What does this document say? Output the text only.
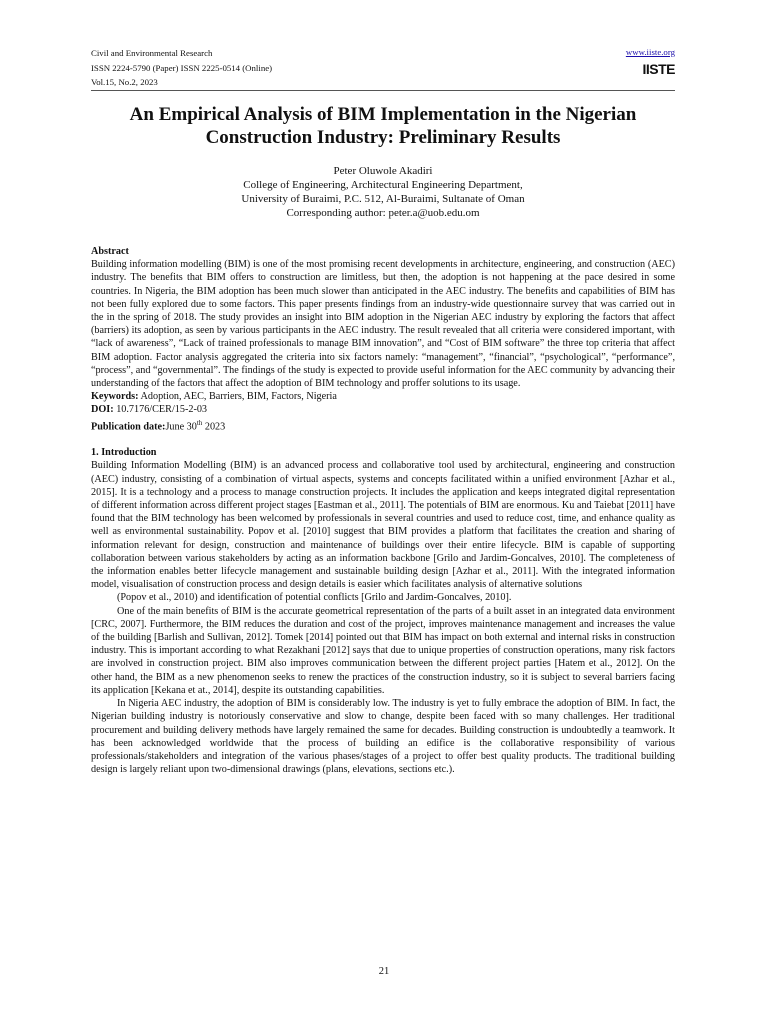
Civil and Environmental Research
ISSN 2224-5790 (Paper) ISSN 2225-0514 (Online)
Vol.15, No.2, 2023
www.iiste.org
IISTE
An Empirical Analysis of BIM Implementation in the Nigerian Construction Industry: Preliminary Results
Peter Oluwole Akadiri
College of Engineering, Architectural Engineering Department,
University of Buraimi, P.C. 512, Al-Buraimi, Sultanate of Oman
Corresponding author: peter.a@uob.edu.om

Abstract

Building information modelling (BIM) is one of the most promising recent developments in architecture, engineering, and construction (AEC) industry. The benefits that BIM offers to construction are limitless, but then, the adoption is not happening at the pace desired in some countries. In Nigeria, the BIM adoption has been much slower than anticipated in the AEC industry. The benefits and capabilities of BIM has not been fully explored due to some factors. This paper presents findings from an industry-wide questionnaire survey that was carried out in the in the spring of 2018. The study provides an insight into BIM adoption in the Nigerian AEC industry by exploring the factors that affect (barriers) its adoption, as seen by various participants in the AEC industry. The result revealed that all criteria were considered important, with “lack of awareness”, “Lack of trained professionals to manage BIM innovation”, and “Cost of BIM software” the three top criteria that affect BIM adoption. Factor analysis aggregated the criteria into six factors namely: “management”, “financial”, “psychological”, “performance”, “process”, and “governmental”. The findings of the study is expected to provide useful information for the AEC community by advancing their understanding of the factors that affect the adoption of BIM technology and proffer solutions to its usage.

Keywords: Adoption, AEC, Barriers, BIM, Factors, Nigeria

DOI: 10.7176/CER/15-2-03

Publication date:June 30th 2023

1. Introduction

Building Information Modelling (BIM) is an advanced process and collaborative tool used by architectural, engineering and construction (AEC) industry, consisting of a combination of virtual aspects, systems and concepts facilitated within a unified environment [Azhar et al., 2015]. It is a technology and a process to manage construction projects. It includes the application and keeps integrated digital representation of different information across different project stages [Eastman et al., 2011]. The potentials of BIM are enormous. Ku and Taiebat [2011] have found that the BIM technology has been welcomed by professionals in several countries and used to reduce cost, time, and enhance quality as well as environmental sustainability. Popov et al. [2010] suggest that BIM provides a platform that facilitates the creation and sharing of information relevant for design, construction and maintenance of buildings over their entire lifecycle. BIM is capable of supporting collaboration between various stakeholders by acting as an information backbone [Grilo and Jardim-Goncalves, 2010]. The completeness of the information enables better lifecycle management and sustainable building design [Azhar et al., 2011]. With the integrated information model, visualisation of construction process and design details is easier which facilitates analysis of alternative solutions

(Popov et al., 2010) and identification of potential conflicts [Grilo and Jardim-Goncalves, 2010].

One of the main benefits of BIM is the accurate geometrical representation of the parts of a built asset in an integrated data environment [CRC, 2007]. Furthermore, the BIM reduces the duration and cost of the project, improves maintenance management and increases the value of the building [Barlish and Sullivan, 2012]. Tomek [2014] pointed out that BIM has impact on both external and internal risks in construction industry. This is important according to what Rezakhani [2012] says that due to unique properties of construction operations, many risk factors are involved in construction project. BIM also improves communication between the different project parties [Hatem et al., 2012]. On the other hand, the BIM as a new phenomenon seeks to renew the practices of the construction industry, so it is subject to several barriers facing its application [Kekana et at., 2014], despite its outstanding capabilities.

In Nigeria AEC industry, the adoption of BIM is considerably low. The industry is yet to fully embrace the adoption of BIM. In fact, the Nigerian building industry is notoriously conservative and slow to change, despite been faced with so many challenges. Her traditional procurement and building delivery methods have largely remained the same for decades. Building construction is undoubtedly a teamwork. It has been acknowledged worldwide that the process of building an edifice is the collaborative responsibility of various professionals/stakeholders and integration of the various phases/stages of a project to offer best quality products. The traditional building design is largely reliant upon two-dimensional drawings (plans, elevations, sections etc.).

21
